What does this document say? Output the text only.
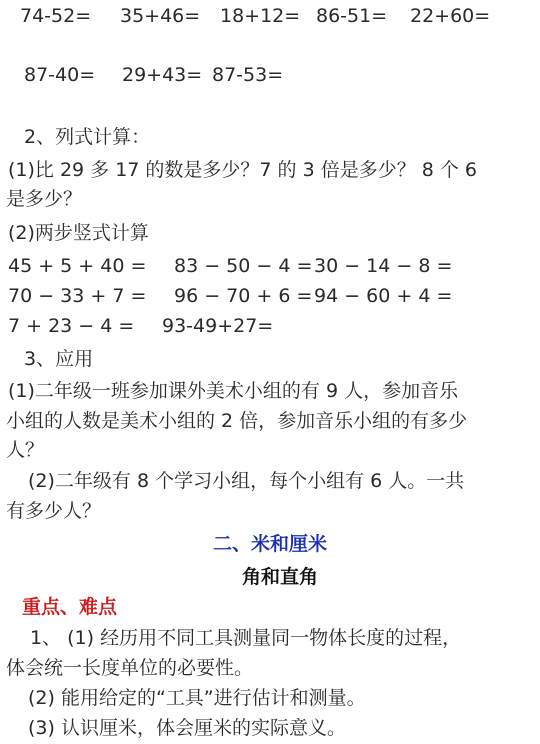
74-52= 35+46= 18+12= 86-51= 22+60=
87-40= 29+43= 87-53=
2、列式计算：
(1)比 29 多 17 的数是多少？7 的 3 倍是多少？ 8 个 6
是多少？
(2)两步竖式计算
45 + 5 + 40 = 83 − 50 − 4 = 30 − 14 − 8 =
70 − 33 + 7 = 96 − 70 + 6 = 94 − 60 + 4 =
7 + 23 − 4 = 93-49+27=
3、应用
(1)二年级一班参加课外美术小组的有 9 人，参加音乐
小组的人数是美术小组的 2 倍，参加音乐小组的有多少
人？
(2)二年级有 8 个学习小组，每个小组有 6 人。一共
有多少人？
二、米和厘米
角和直角
重点、难点
1、 (1) 经历用不同工具测量同一物体长度的过程，
体会统一长度单位的必要性。
(2) 能用给定的“工具”进行估计和测量。
(3) 认识厘米，体会厘米的实际意义。
